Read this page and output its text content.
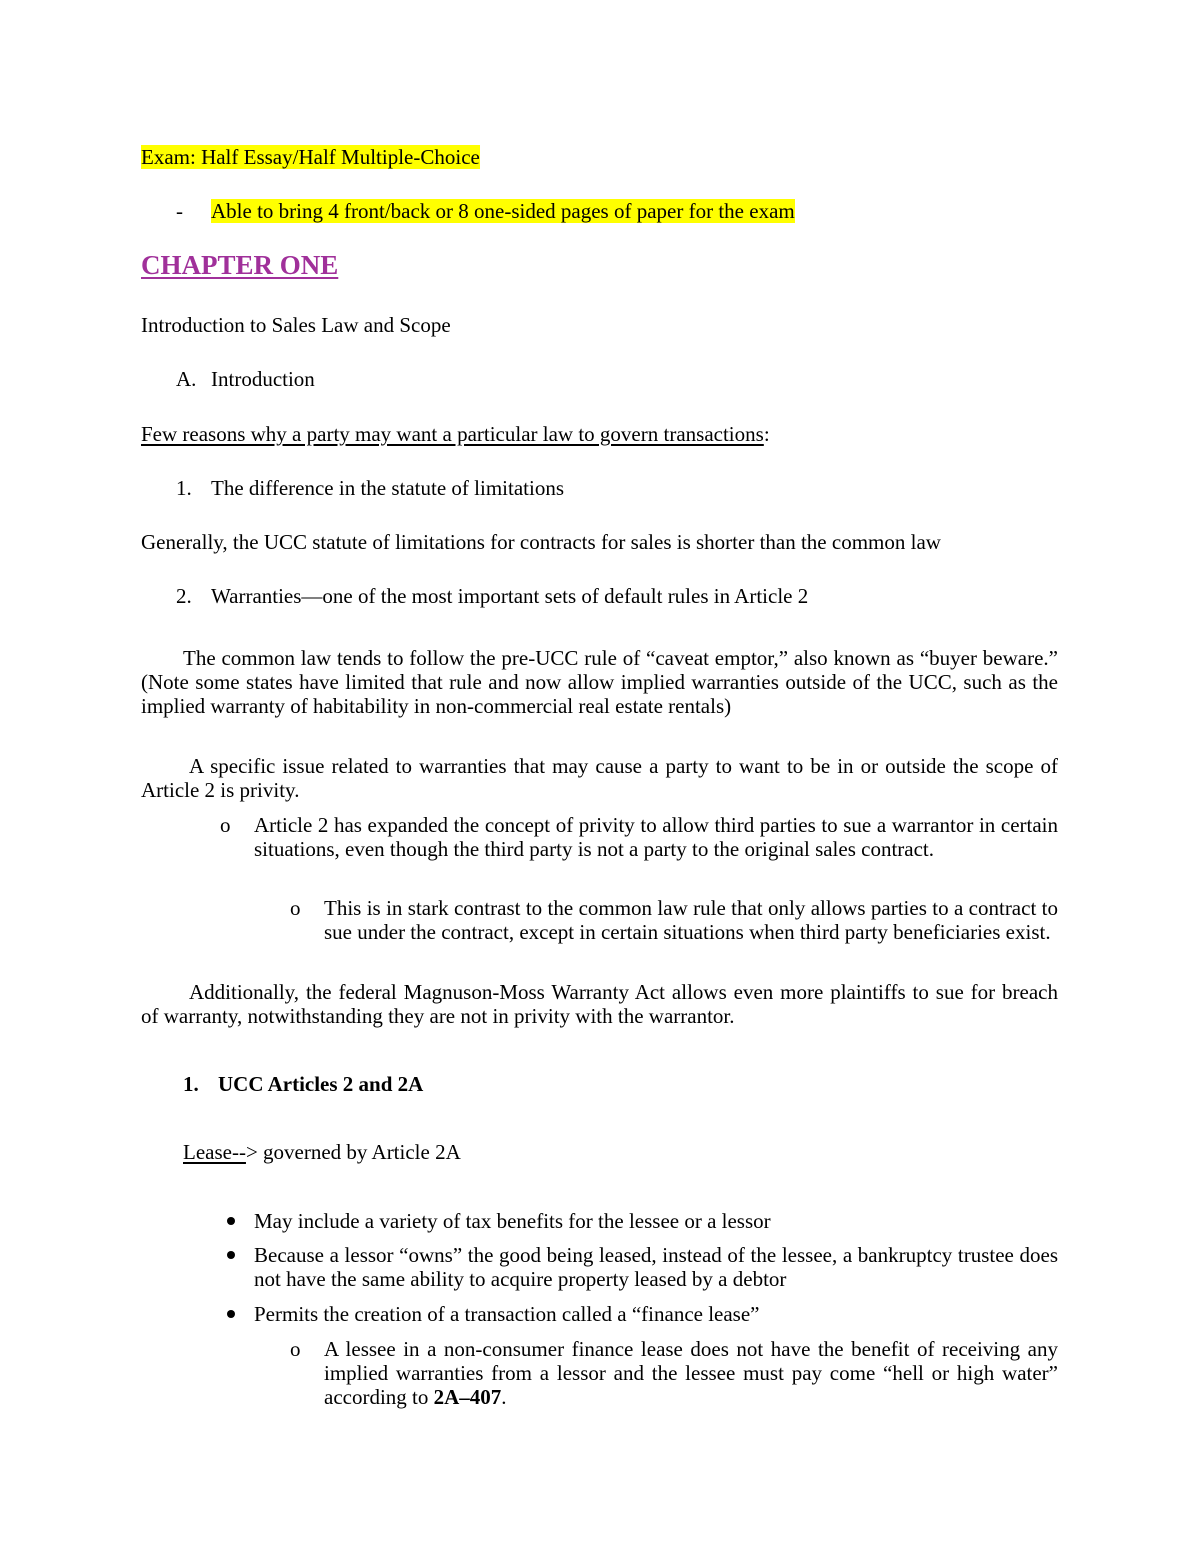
Exam: Half Essay/Half Multiple-Choice
- Able to bring 4 front/back or 8 one-sided pages of paper for the exam
CHAPTER ONE
Introduction to Sales Law and Scope
A. Introduction
Few reasons why a party may want a particular law to govern transactions:
1. The difference in the statute of limitations
Generally, the UCC statute of limitations for contracts for sales is shorter than the common law
2. Warranties—one of the most important sets of default rules in Article 2
The common law tends to follow the pre-UCC rule of “caveat emptor,” also known as “buyer beware.” (Note some states have limited that rule and now allow implied warranties outside of the UCC, such as the implied warranty of habitability in non-commercial real estate rentals)
A specific issue related to warranties that may cause a party to want to be in or outside the scope of Article 2 is privity.
o Article 2 has expanded the concept of privity to allow third parties to sue a warrantor in certain situations, even though the third party is not a party to the original sales contract.
o This is in stark contrast to the common law rule that only allows parties to a contract to sue under the contract, except in certain situations when third party beneficiaries exist.
Additionally, the federal Magnuson-Moss Warranty Act allows even more plaintiffs to sue for breach of warranty, notwithstanding they are not in privity with the warrantor.
1. UCC Articles 2 and 2A
Lease--> governed by Article 2A
May include a variety of tax benefits for the lessee or a lessor
Because a lessor “owns” the good being leased, instead of the lessee, a bankruptcy trustee does not have the same ability to acquire property leased by a debtor
Permits the creation of a transaction called a “finance lease”
o A lessee in a non-consumer finance lease does not have the benefit of receiving any implied warranties from a lessor and the lessee must pay come “hell or high water” according to 2A–407.
